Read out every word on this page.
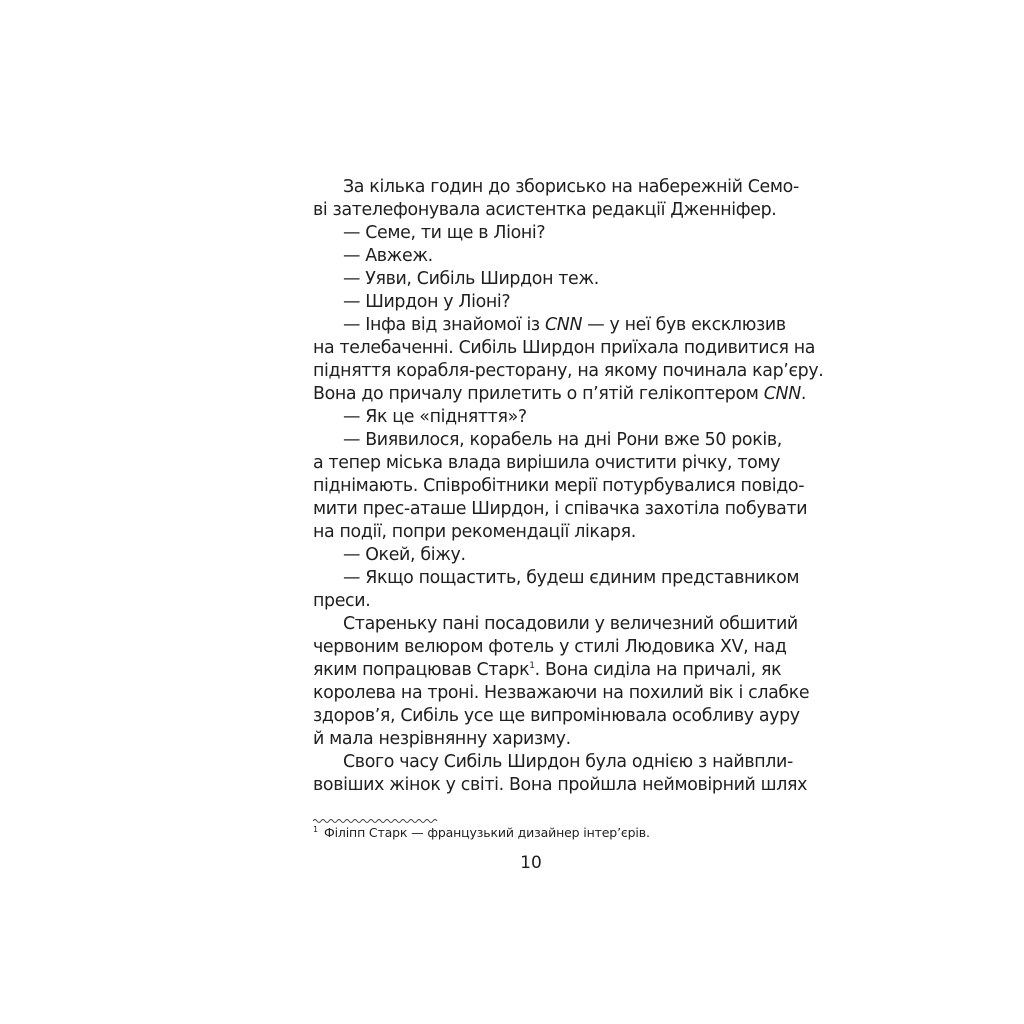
За кілька годин до зборисько на набережній Семо-
ві зателефонувала асистентка редакції Дженніфер.
— Семе, ти ще в Ліоні?
— Авжеж.
— Уяви, Сибіль Ширдон теж.
— Ширдон у Ліоні?
— Інфа від знайомої із CNN — у неї був ексклюзив
на телебаченні. Сибіль Ширдон приїхала подивитися на
підняття корабля-ресторану, на якому починала кар’єру.
Вона до причалу прилетить о п’ятій гелікоптером CNN.
— Як це «підняття»?
— Виявилося, корабель на дні Рони вже 50 років,
а тепер міська влада вирішила очистити річку, тому
піднімають. Співробітники мерії потурбувалися повідо-
мити прес-аташе Ширдон, і співачка захотіла побувати
на події, попри рекомендації лікаря.
— Окей, біжу.
— Якщо пощастить, будеш єдиним представником
преси.
Стареньку пані посадовили у величезний обшитий
червоним велюром фотель у стилі Людовика XV, над
яким попрацював Старк$^1$. Вона сиділа на причалі, як
королева на троні. Незважаючи на похилий вік і слабке
здоров’я, Сибіль усе ще випромінювала особливу ауру
й мала незрівнянну харизму.
Свого часу Сибіль Ширдон була однією з найвпли-
вовіших жінок у світі. Вона пройшла неймовірний шлях
$^1$ Філіпп Старк — французький дизайнер інтер’єрів.
10
